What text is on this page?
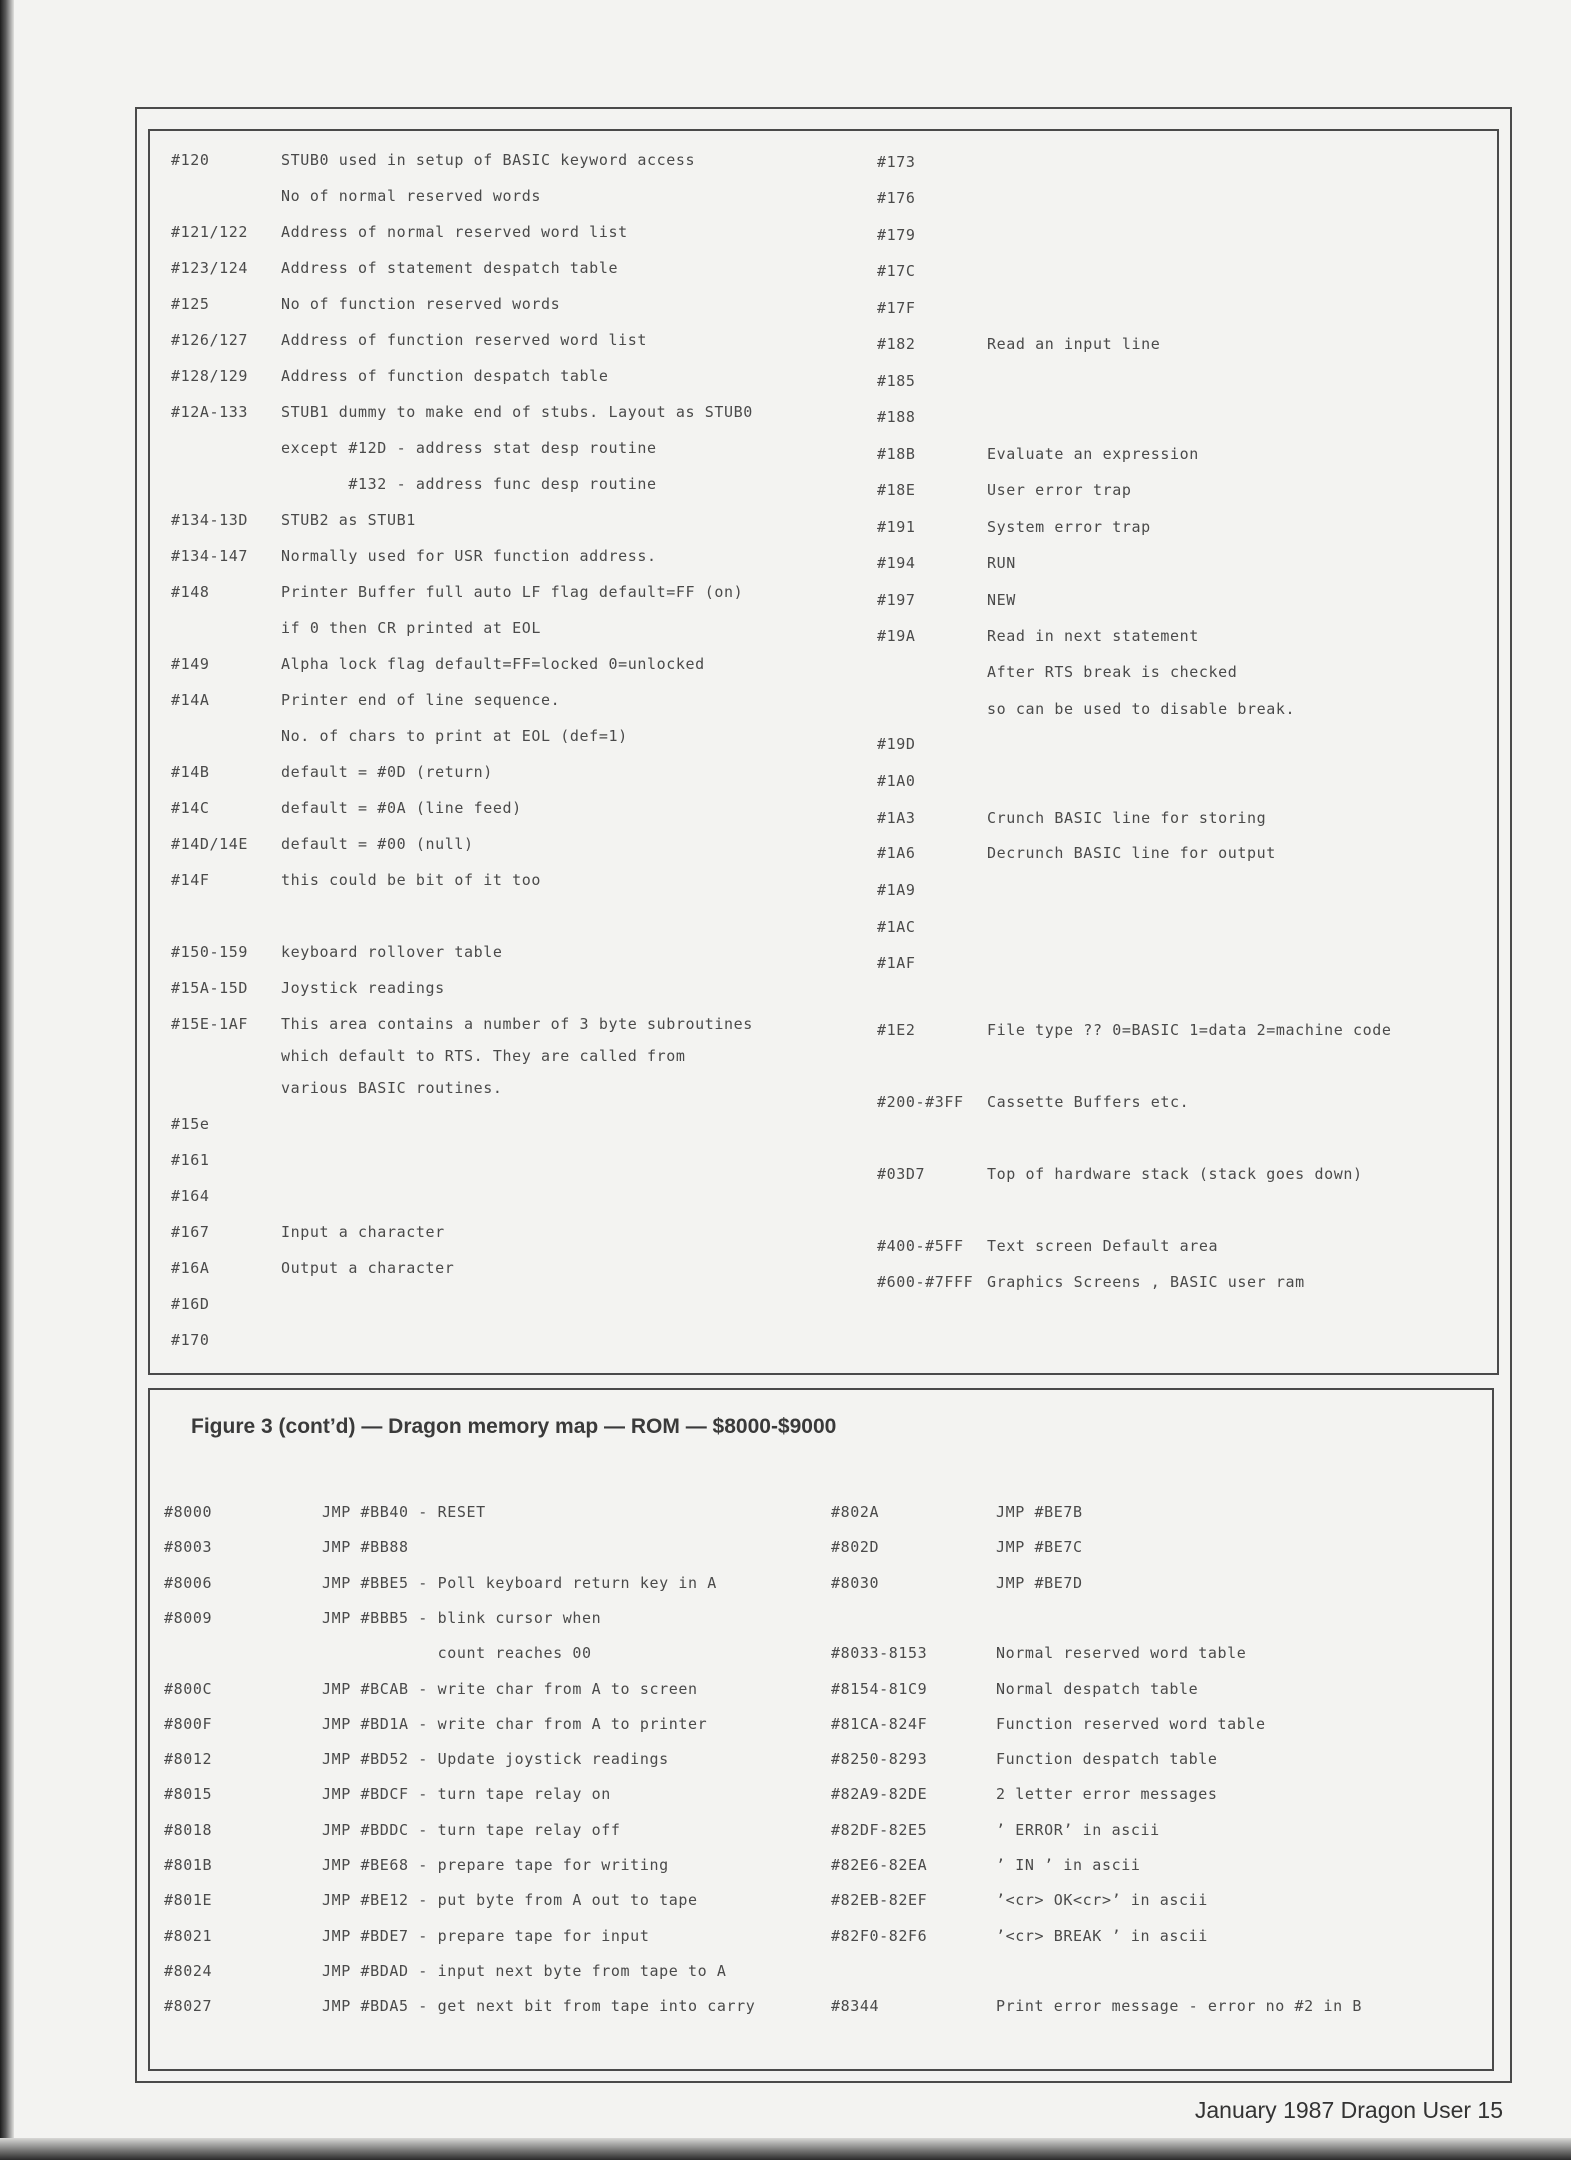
#120	STUB0 used in setup of BASIC keyword access
No of normal reserved words
#121/122 Address of normal reserved word list
#123/124 Address of statement despatch table
#125	No of function reserved words
#126/127 Address of function reserved word list
#128/129 Address of function despatch table
#12A-133 STUB1 dummy to make end of stubs. Layout as STUB0
except #12D - address stat desp routine
#132 - address func desp routine
#134-13D STUB2 as STUB1
#134-147 Normally used for USR function address.
#148	Printer Buffer full auto LF flag default=FF (on)
if 0 then CR printed at EOL
#149	Alpha lock flag default=FF=locked 0=unlocked
#14A	Printer end of line sequence.
No. of chars to print at EOL (def=1)
#14B	default = #0D (return)
#14C	default = #0A (line feed)
#14D/14E default = #00 (null)
#14F	this could be bit of it too
#150-159 keyboard rollover table
#15A-15D Joystick readings
#15E-1AF This area contains a number of 3 byte subroutines
which default to RTS. They are called from
various BASIC routines.
#15e
#161
#164
#167	Input a character
#16A	Output a character
#16D
#170
#173
#176
#179
#17C
#17F
#182	Read an input line
#185
#188
#18B	Evaluate an expression
#18E	User error trap
#191	System error trap
#194	RUN
#197	NEW
#19A	Read in next statement
After RTS break is checked
so can be used to disable break.
#19D
#1A0
#1A3	Crunch BASIC line for storing
#1A6	Decrunch BASIC line for output
#1A9
#1AC
#1AF
#1E2	File type ?? 0=BASIC 1=data 2=machine code
#200-#3FF Cassette Buffers etc.
#03D7	Top of hardware stack (stack goes down)
#400-#5FF Text screen Default area
#600-#7FFF Graphics Screens , BASIC user ram
Figure 3 (cont’d) — Dragon memory map — ROM — $8000-$9000
#8000	JMP #BB40 - RESET
#8003	JMP #BB88
#8006	JMP #BBE5 - Poll keyboard return key in A
#8009	JMP #BBB5 - blink cursor when
count reaches 00
#800C	JMP #BCAB - write char from A to screen
#800F	JMP #BD1A - write char from A to printer
#8012	JMP #BD52 - Update joystick readings
#8015	JMP #BDCF - turn tape relay on
#8018	JMP #BDDC - turn tape relay off
#801B	JMP #BE68 - prepare tape for writing
#801E	JMP #BE12 - put byte from A out to tape
#8021	JMP #BDE7 - prepare tape for input
#8024	JMP #BDAD - input next byte from tape to A
#8027	JMP #BDA5 - get next bit from tape into carry
#802A	JMP #BE7B
#802D	JMP #BE7C
#8030	JMP #BE7D
#8033-8153	Normal reserved word table
#8154-81C9	Normal despatch table
#81CA-824F	Function reserved word table
#8250-8293	Function despatch table
#82A9-82DE	2 letter error messages
#82DF-82E5	’ ERROR’ in ascii
#82E6-82EA	’ IN ’ in ascii
#82EB-82EF	’<cr> OK<cr>’ in ascii
#82F0-82F6	’<cr> BREAK ’ in ascii
#8344	Print error message - error no #2 in B
January 1987 Dragon User 15
